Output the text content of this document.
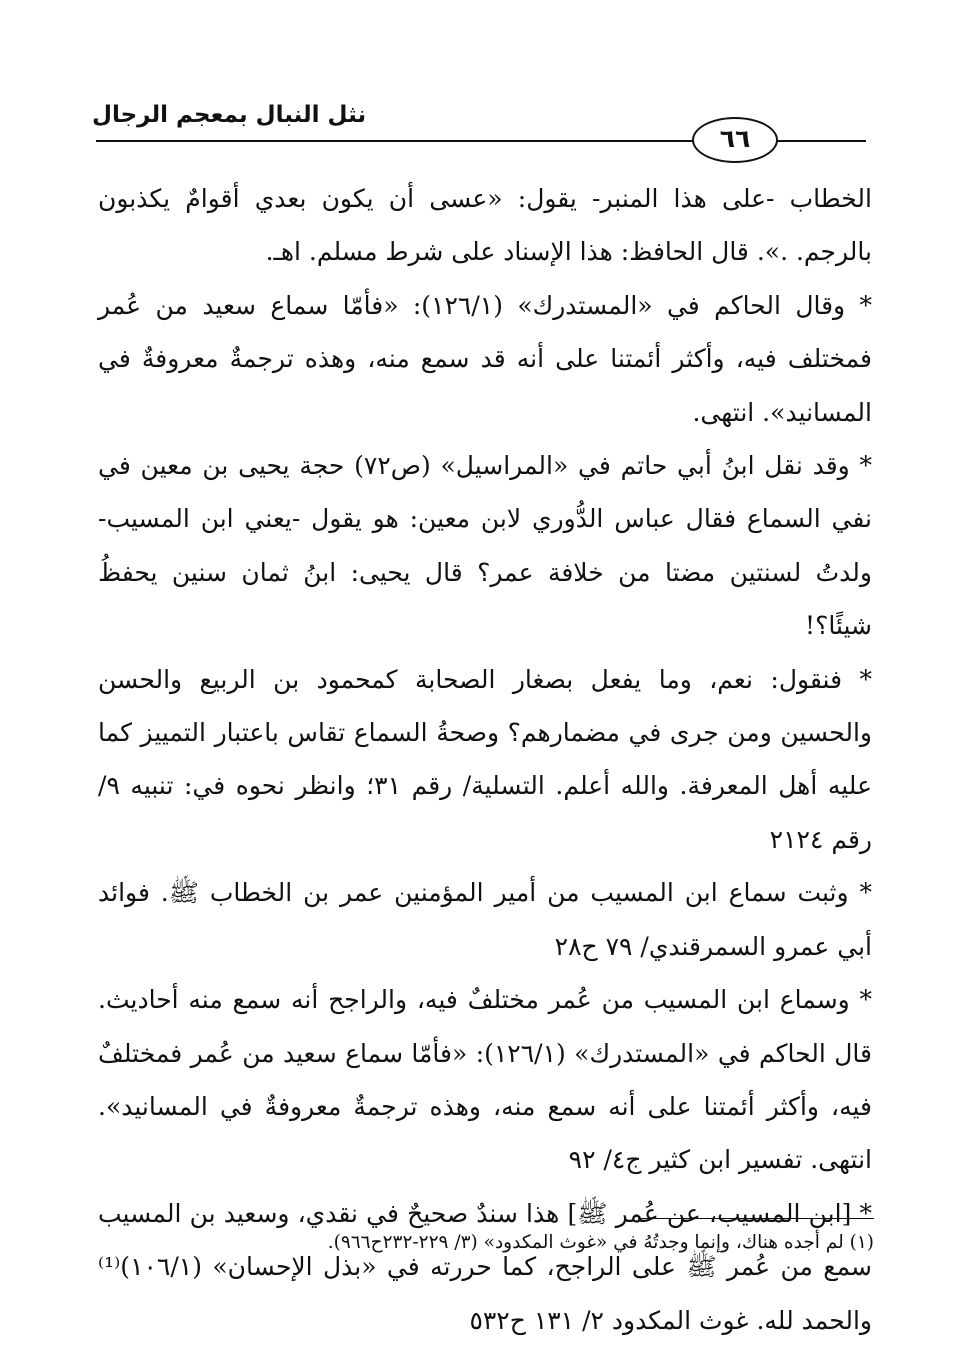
نثل النبال بمعجم الرجال
٦٦

الخطاب -على هذا المنبر- يقول: «عسى أن يكون بعدي أقوامٌ يكذبون بالرجم. .». قال الحافظ: هذا الإسناد على شرط مسلم. اهـ.

* وقال الحاكم في «المستدرك» (١٢٦/١): «فأمّا سماع سعيد من عُمر فمختلف فيه، وأكثر أئمتنا على أنه قد سمع منه، وهذه ترجمةٌ معروفةٌ في المسانيد». انتهى.

* وقد نقل ابنُ أبي حاتم في «المراسيل» (ص٧٢) حجة يحيى بن معين في نفي السماع فقال عباس الدُّوري لابن معين: هو يقول -يعني ابن المسيب- ولدتُ لسنتين مضتا من خلافة عمر؟ قال يحيى: ابنُ ثمان سنين يحفظُ شيئًا؟!

* فنقول: نعم، وما يفعل بصغار الصحابة كمحمود بن الربيع والحسن والحسين ومن جرى في مضمارهم؟ وصحةُ السماع تقاس باعتبار التمييز كما عليه أهل المعرفة. والله أعلم. التسلية/ رقم ٣١؛ وانظر نحوه في: تنبيه ٩/ رقم ٢١٢٤

* وثبت سماع ابن المسيب من أمير المؤمنين عمر بن الخطاب ﷺ. فوائد أبي عمرو السمرقندي/ ٧٩ ح٢٨

* وسماع ابن المسيب من عُمر مختلفٌ فيه، والراجح أنه سمع منه أحاديث. قال الحاكم في «المستدرك» (١٢٦/١): «فأمّا سماع سعيد من عُمر فمختلفٌ فيه، وأكثر أئمتنا على أنه سمع منه، وهذه ترجمةٌ معروفةٌ في المسانيد». انتهى. تفسير ابن كثير ج٤/ ٩٢

* [ابن المسيب، عن عُمر ﷺ] هذا سندٌ صحيحٌ في نقدي، وسعيد بن المسيب سمع من عُمر ﷺ على الراجح، كما حررته في «بذل الإحسان» (١٠٦/١)⁽¹⁾ والحمد لله. غوث المكدود ٢/ ١٣١ ح٥٣٢

(١) لم أجده هناك، وإنما وجدتُهُ في «غوث المكدود» (٣/ ٢٢٩-٢٣٢ح٩٦٦).
